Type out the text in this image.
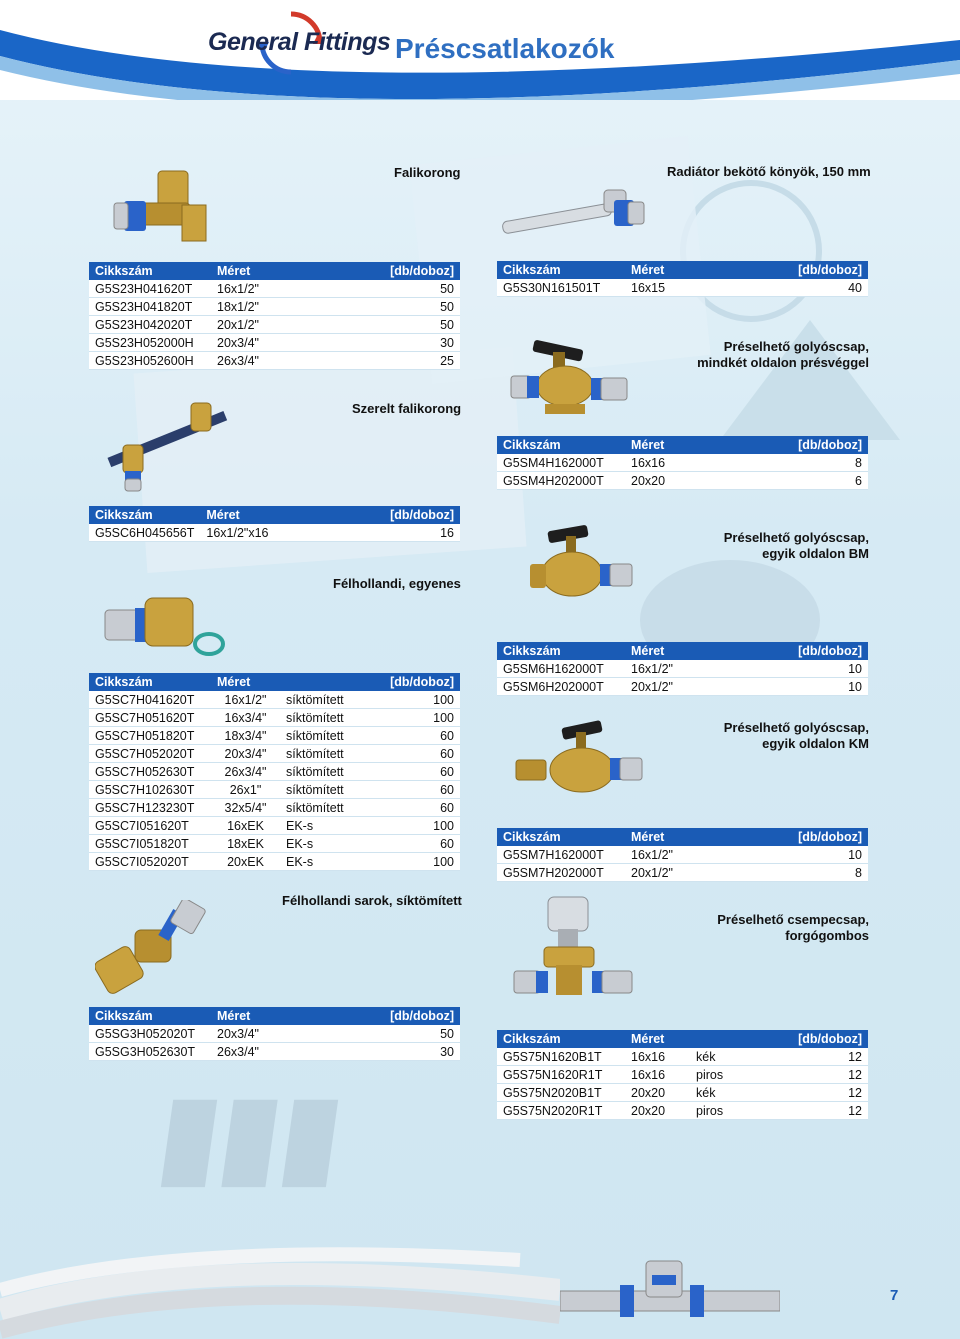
▮▮▮
General Fittings Préscsatlakozók
Falikorong	Radiátor bekötő könyök, 150 mm
Szerelt falikorong
Préselhető golyóscsap,
mindkét oldalon présvéggel
Préselhető golyóscsap,
egyik oldalon BM
Félhollandi, egyenes
Préselhető golyóscsap,
egyik oldalon KM
Félhollandi sarok, síktömített
Préselhető csempecsap,
forgógombos
Cikkszám	Méret	[db/doboz]
G5S23H041620T	16x1/2"	50
G5S23H041820T	18x1/2"	50
G5S23H042020T	20x1/2"	50
G5S23H052000H	20x3/4"	30
G5S23H052600H	26x3/4"	25
Cikkszám	Méret	[db/doboz]
G5S30N161501T	16x15	40
Cikkszám	Méret	[db/doboz]
G5SM4H162000T	16x16	8
G5SM4H202000T	20x20	6
Cikkszám	Méret	[db/doboz]
G5SC6H045656T	16x1/2"x16	16
Cikkszám	Méret		[db/doboz]
G5SC7H041620T	16x1/2"	síktömített	100
G5SC7H051620T	16x3/4"	síktömített	100
G5SC7H051820T	18x3/4"	síktömített	60
G5SC7H052020T	20x3/4"	síktömített	60
G5SC7H052630T	26x3/4"	síktömített	60
G5SC7H102630T	26x1"	síktömített	60
G5SC7H123230T	32x5/4"	síktömített	60
G5SC7I051620T	16xEK	EK-s	100
G5SC7I051820T	18xEK	EK-s	60
G5SC7I052020T	20xEK	EK-s	100
Cikkszám	Méret	[db/doboz]
G5SM6H162000T	16x1/2"	10
G5SM6H202000T	20x1/2"	10
Cikkszám	Méret	[db/doboz]
G5SM7H162000T	16x1/2"	10
G5SM7H202000T	20x1/2"	8
Cikkszám	Méret	[db/doboz]
G5SG3H052020T	20x3/4"	50
G5SG3H052630T	26x3/4"	30
Cikkszám	Méret		[db/doboz]
G5S75N1620B1T	16x16	kék	12
G5S75N1620R1T	16x16	piros	12
G5S75N2020B1T	20x20	kék	12
G5S75N2020R1T	20x20	piros	12
7
